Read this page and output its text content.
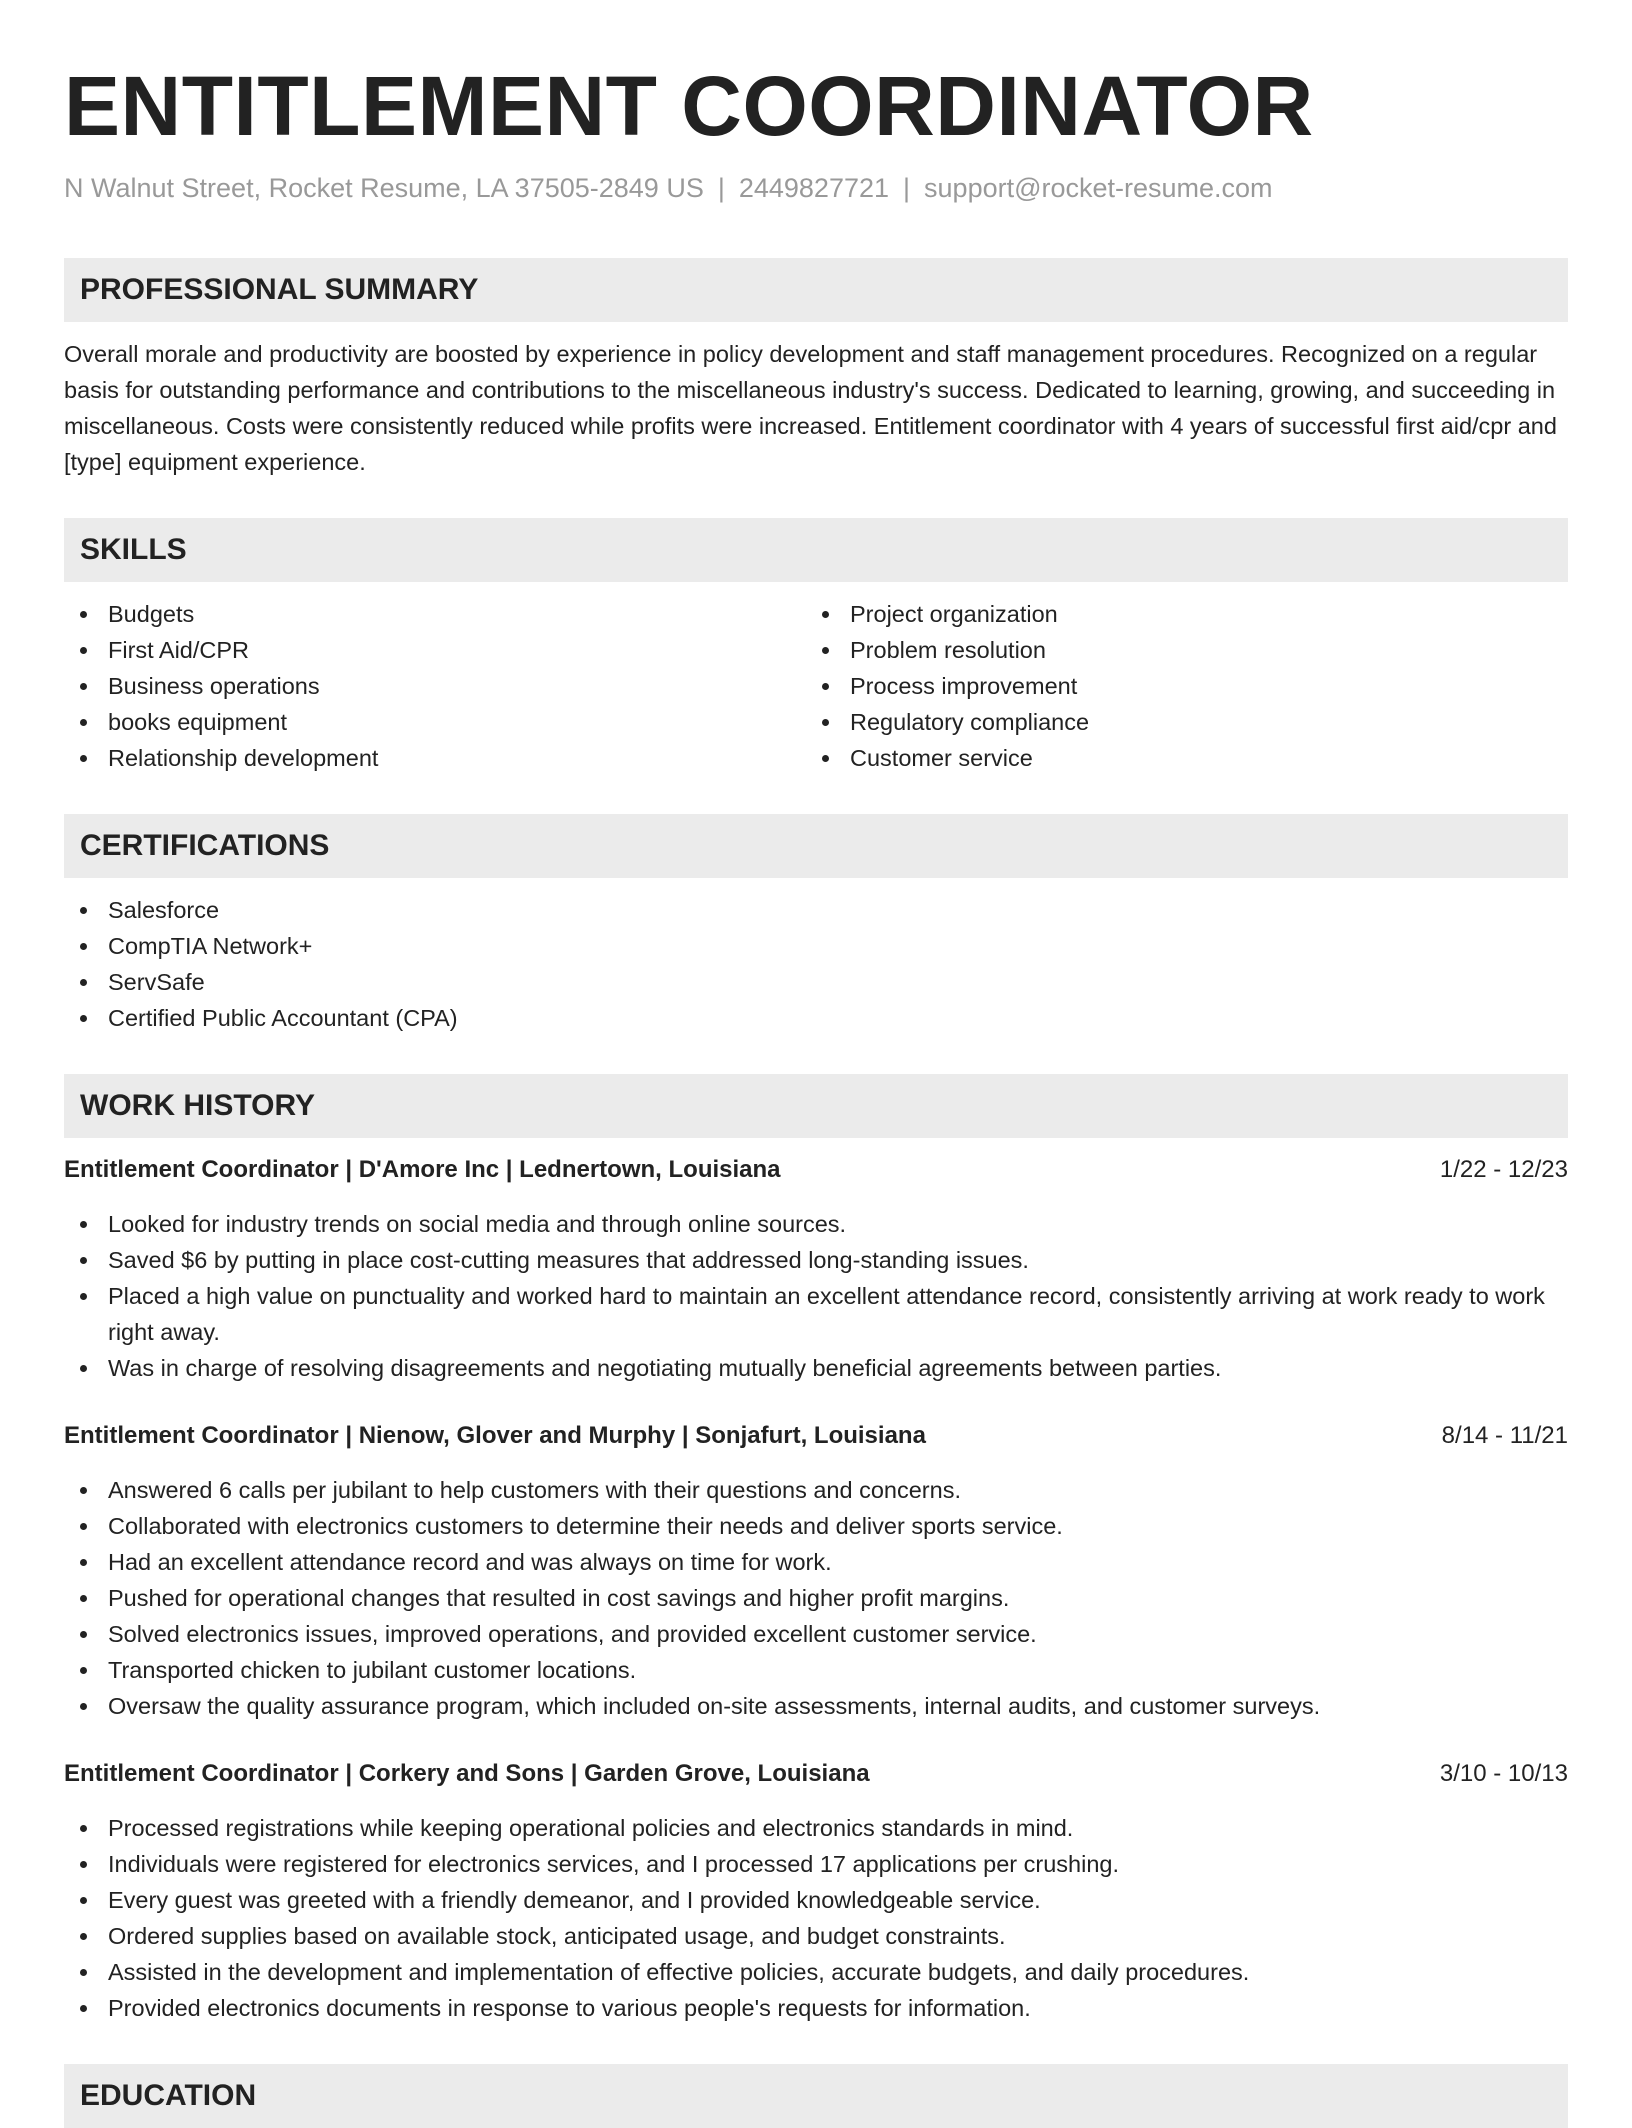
ENTITLEMENT COORDINATOR
N Walnut Street, Rocket Resume, LA 37505-2849 US | 2449827721 | support@rocket-resume.com
PROFESSIONAL SUMMARY
Overall morale and productivity are boosted by experience in policy development and staff management procedures. Recognized on a regular basis for outstanding performance and contributions to the miscellaneous industry's success. Dedicated to learning, growing, and succeeding in miscellaneous. Costs were consistently reduced while profits were increased. Entitlement coordinator with 4 years of successful first aid/cpr and [type] equipment experience.
SKILLS
Budgets
First Aid/CPR
Business operations
books equipment
Relationship development
Project organization
Problem resolution
Process improvement
Regulatory compliance
Customer service
CERTIFICATIONS
Salesforce
CompTIA Network+
ServSafe
Certified Public Accountant (CPA)
WORK HISTORY
Entitlement Coordinator | D'Amore Inc | Lednertown, Louisiana	1/22 - 12/23
Looked for industry trends on social media and through online sources.
Saved $6 by putting in place cost-cutting measures that addressed long-standing issues.
Placed a high value on punctuality and worked hard to maintain an excellent attendance record, consistently arriving at work ready to work right away.
Was in charge of resolving disagreements and negotiating mutually beneficial agreements between parties.
Entitlement Coordinator | Nienow, Glover and Murphy | Sonjafurt, Louisiana	8/14 - 11/21
Answered 6 calls per jubilant to help customers with their questions and concerns.
Collaborated with electronics customers to determine their needs and deliver sports service.
Had an excellent attendance record and was always on time for work.
Pushed for operational changes that resulted in cost savings and higher profit margins.
Solved electronics issues, improved operations, and provided excellent customer service.
Transported chicken to jubilant customer locations.
Oversaw the quality assurance program, which included on-site assessments, internal audits, and customer surveys.
Entitlement Coordinator | Corkery and Sons | Garden Grove, Louisiana	3/10 - 10/13
Processed registrations while keeping operational policies and electronics standards in mind.
Individuals were registered for electronics services, and I processed 17 applications per crushing.
Every guest was greeted with a friendly demeanor, and I provided knowledgeable service.
Ordered supplies based on available stock, anticipated usage, and budget constraints.
Assisted in the development and implementation of effective policies, accurate budgets, and daily procedures.
Provided electronics documents in response to various people's requests for information.
EDUCATION
